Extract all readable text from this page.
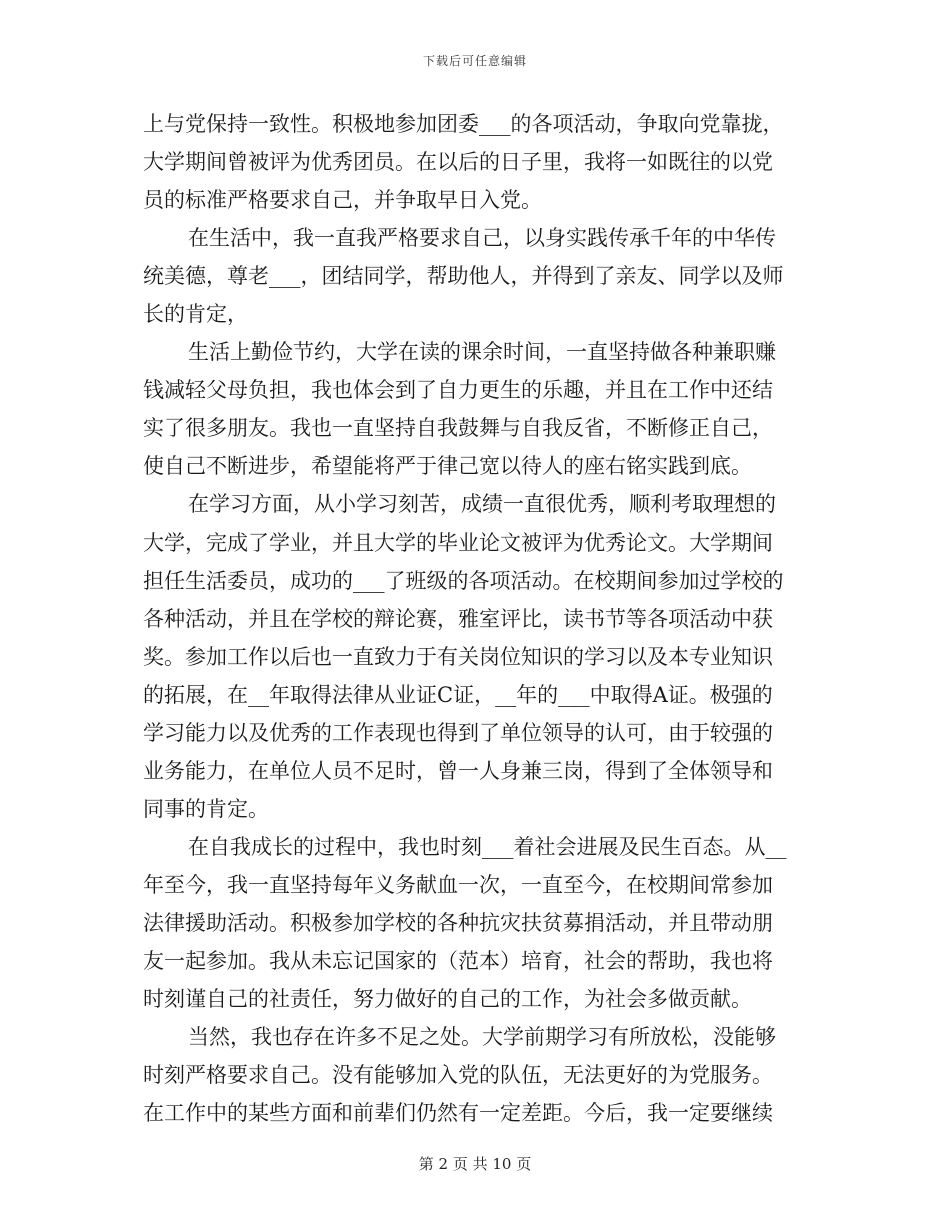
下载后可任意编辑
上与党保持一致性。积极地参加团委___的各项活动，争取向党靠拢，
大学期间曾被评为优秀团员。在以后的日子里，我将一如既往的以党
员的标准严格要求自己，并争取早日入党。
在生活中，我一直我严格要求自己，以身实践传承千年的中华传
统美德，尊老___，团结同学，帮助他人，并得到了亲友、同学以及师
长的肯定，
生活上勤俭节约，大学在读的课余时间，一直坚持做各种兼职赚
钱减轻父母负担，我也体会到了自力更生的乐趣，并且在工作中还结
实了很多朋友。我也一直坚持自我鼓舞与自我反省，不断修正自己，
使自己不断进步，希望能将严于律己宽以待人的座右铭实践到底。
在学习方面，从小学习刻苦，成绩一直很优秀，顺利考取理想的
大学，完成了学业，并且大学的毕业论文被评为优秀论文。大学期间
担任生活委员，成功的___了班级的各项活动。在校期间参加过学校的
各种活动，并且在学校的辩论赛，雅室评比，读书节等各项活动中获
奖。参加工作以后也一直致力于有关岗位知识的学习以及本专业知识
的拓展，在__年取得法律从业证C证，__年的___中取得A证。极强的
学习能力以及优秀的工作表现也得到了单位领导的认可，由于较强的
业务能力，在单位人员不足时，曾一人身兼三岗，得到了全体领导和
同事的肯定。
在自我成长的过程中，我也时刻___着社会进展及民生百态。从__
年至今，我一直坚持每年义务献血一次，一直至今，在校期间常参加
法律援助活动。积极参加学校的各种抗灾扶贫募捐活动，并且带动朋
友一起参加。我从未忘记国家的（范本）培育，社会的帮助，我也将
时刻谨自己的社责任，努力做好的自己的工作，为社会多做贡献。
当然，我也存在许多不足之处。大学前期学习有所放松，没能够
时刻严格要求自己。没有能够加入党的队伍，无法更好的为党服务。
在工作中的某些方面和前辈们仍然有一定差距。今后，我一定要继续
第 2 页 共 10 页
